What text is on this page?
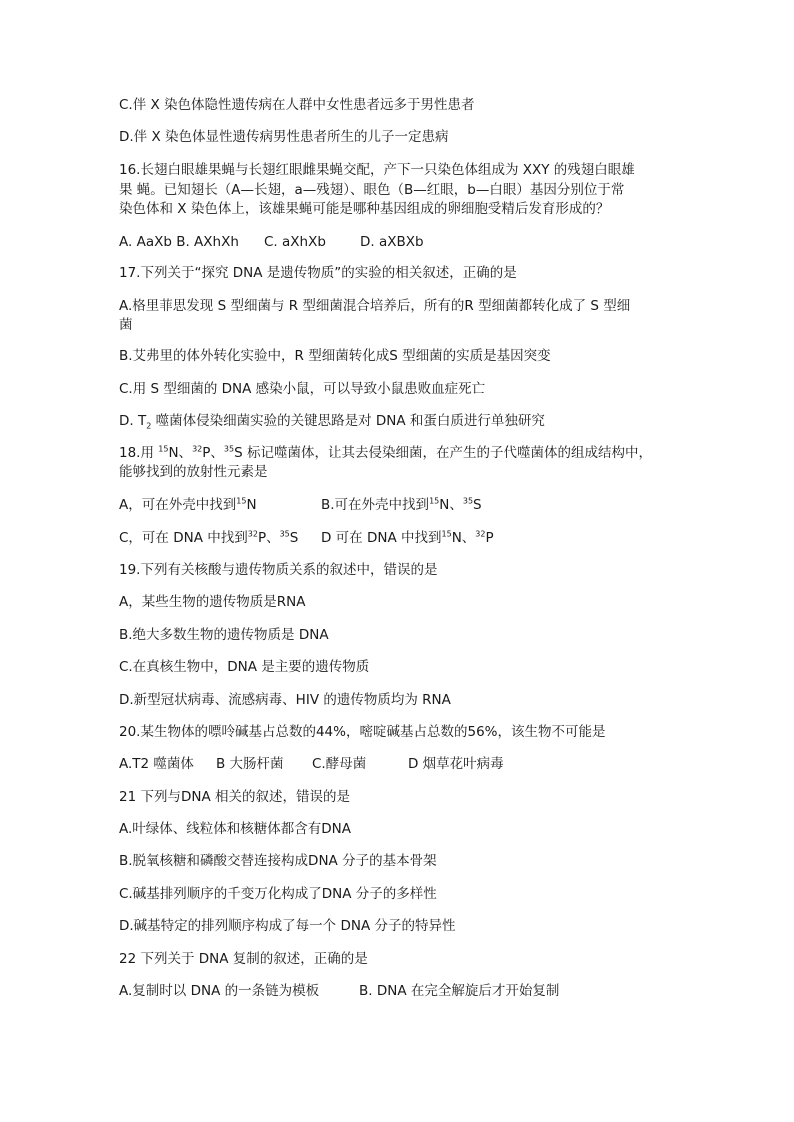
C.伴 X 染色体隐性遗传病在人群中女性患者远多于男性患者
D.伴 X 染色体显性遗传病男性患者所生的儿子一定患病
16.长翅白眼雄果蝇与长翅红眼雌果蝇交配，产下一只染色体组成为 XXY 的残翅白眼雄
果 蝇。已知翅长（A—长翅，a—残翅）、眼色（B—红眼，b—白眼）基因分别位于常
染色体和 X 染色体上，该雄果蝇可能是哪种基因组成的卵细胞受精后发育形成的？
A. AaXb B. AXhXh	C. aXhXb	D. aXBXb
17.下列关于“探究 DNA 是遗传物质”的实验的相关叙述，正确的是
A.格里菲思发现 S 型细菌与 R 型细菌混合培养后，所有的R 型细菌都转化成了 S 型细
菌
B.艾弗里的体外转化实验中，R 型细菌转化成S 型细菌的实质是基因突变
C.用 S 型细菌的 DNA 感染小鼠，可以导致小鼠患败血症死亡
D. $T_2$ 噬菌体侵染细菌实验的关键思路是对 DNA 和蛋白质进行单独研究
18.用 $^{15}$N、$^{32}$P、$^{35}$S 标记噬菌体，让其去侵染细菌，在产生的子代噬菌体的组成结构中，
能够找到的放射性元素是
A，可在外壳中找到$^{15}$N	B.可在外壳中找到$^{15}$N、$^{35}$S
C，可在 DNA 中找到$^{32}$P、$^{35}$S	D 可在 DNA 中找到$^{15}$N、$^{32}$P
19.下列有关核酸与遗传物质关系的叙述中，错误的是
A，某些生物的遗传物质是RNA
B.绝大多数生物的遗传物质是 DNA
C.在真核生物中，DNA 是主要的遗传物质
D.新型冠状病毒、流感病毒、HIV 的遗传物质均为 RNA
20.某生物体的嘌呤碱基占总数的44%，嘧啶碱基占总数的56%，该生物不可能是
A.T2 噬菌体	B 大肠杆菌	C.酵母菌	D 烟草花叶病毒
21 下列与DNA 相关的叙述，错误的是
A.叶绿体、线粒体和核糖体都含有DNA
B.脱氧核糖和磷酸交替连接构成DNA 分子的基本骨架
C.碱基排列顺序的千变万化构成了DNA 分子的多样性
D.碱基特定的排列顺序构成了每一个 DNA 分子的特异性
22 下列关于 DNA 复制的叙述，正确的是
A.复制时以 DNA 的一条链为模板	B. DNA 在完全解旋后才开始复制
